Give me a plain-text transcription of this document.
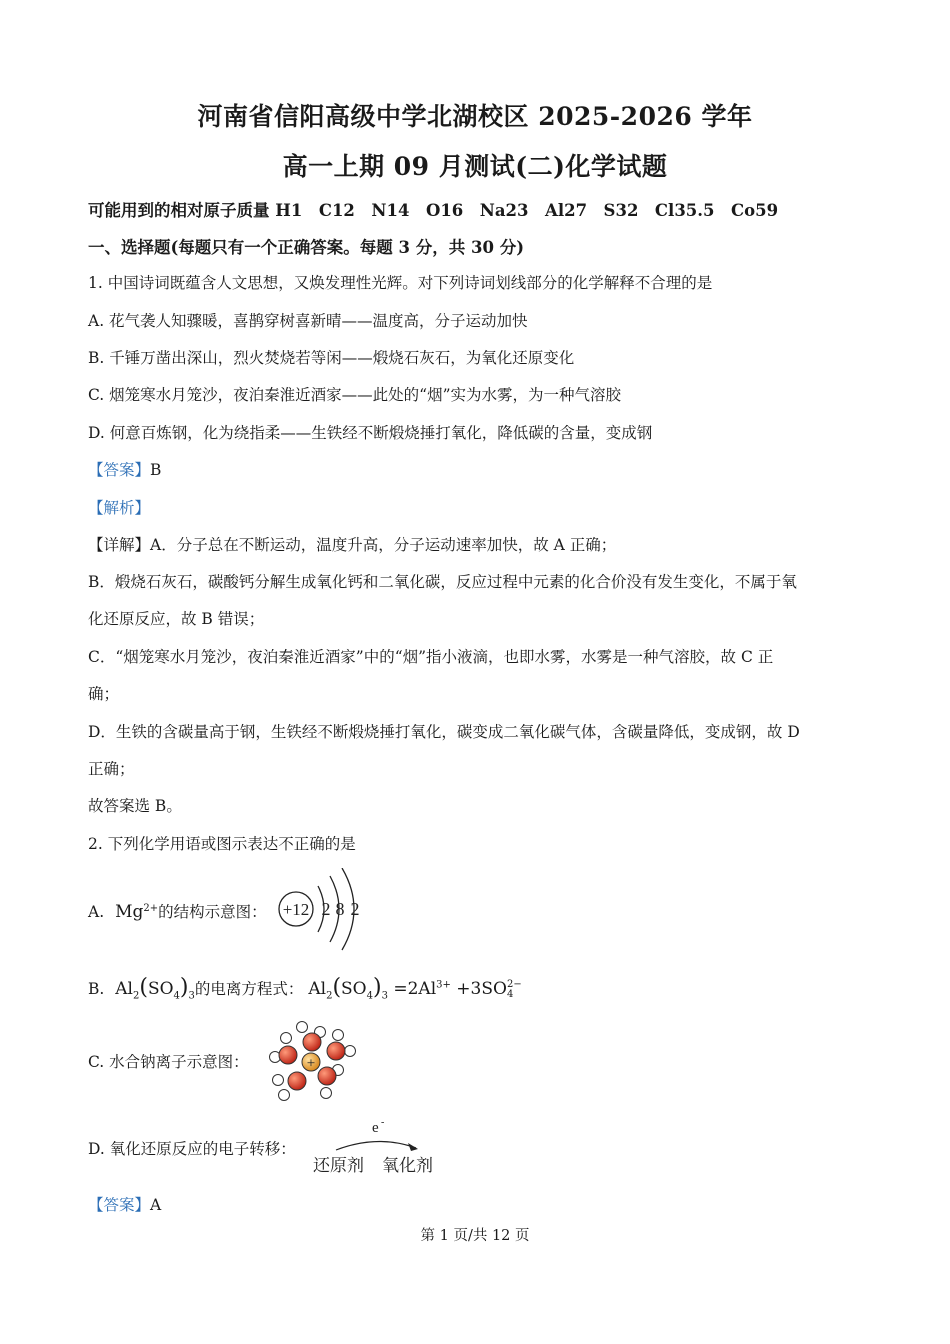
河南省信阳高级中学北湖校区 2025-2026 学年
高一上期 09 月测试(二)化学试题
可能用到的相对原子质量 H1　C12　N14　O16　Na23　Al27　S32　Cl35.5　Co59
一、选择题(每题只有一个正确答案。每题 3 分，共 30 分)
1. 中国诗词既蕴含人文思想，又焕发理性光辉。对下列诗词划线部分的化学解释不合理的是
A. 花气袭人知骤暖，喜鹊穿树喜新晴——温度高，分子运动加快
B. 千锤万凿出深山，烈火焚烧若等闲——煅烧石灰石，为氧化还原变化
C. 烟笼寒水月笼沙，夜泊秦淮近酒家——此处的“烟”实为水雾，为一种气溶胶
D. 何意百炼钢，化为绕指柔——生铁经不断煅烧捶打氧化，降低碳的含量，变成钢
【答案】B
【解析】
【详解】A．分子总在不断运动，温度升高，分子运动速率加快，故 A 正确；
B．煅烧石灰石，碳酸钙分解生成氧化钙和二氧化碳，反应过程中元素的化合价没有发生变化，不属于氧
化还原反应，故 B 错误；
C．“烟笼寒水月笼沙，夜泊秦淮近酒家”中的“烟”指小液滴，也即水雾，水雾是一种气溶胶，故 C 正
确；
D．生铁的含碳量高于钢，生铁经不断煅烧捶打氧化，碳变成二氧化碳气体，含碳量降低，变成钢，故 D
正确；
故答案选 B。
2. 下列化学用语或图示表达不正确的是
A. $Mg^{2+}$的结构示意图： +12 2 8 2
B. $Al_2(SO_4)_3$的电离方程式： $Al_2(SO_4)_3 =2Al^{3+} +3SO$ 2−
4
C. 水合钠离子示意图：	+
D. 氧化还原反应的电子转移：
e -
还原剂 氧化剂
【答案】A
第 1 页/共 12 页
